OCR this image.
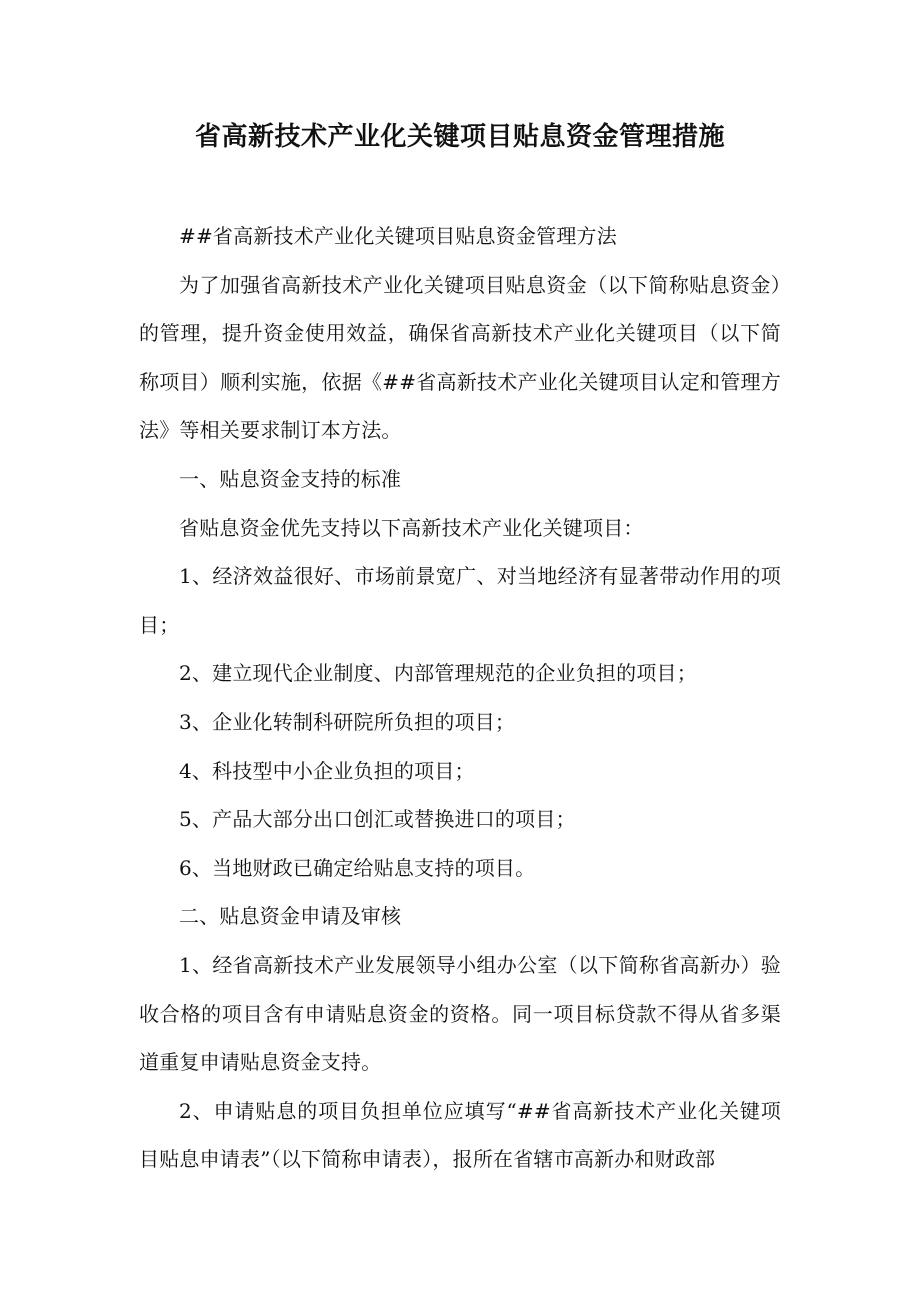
省高新技术产业化关键项目贴息资金管理措施

##省高新技术产业化关键项目贴息资金管理方法

为了加强省高新技术产业化关键项目贴息资金（以下简称贴息资金）的管理，提升资金使用效益，确保省高新技术产业化关键项目（以下简称项目）顺利实施，依据《##省高新技术产业化关键项目认定和管理方法》等相关要求制订本方法。

一、贴息资金支持的标准

省贴息资金优先支持以下高新技术产业化关键项目：

1、经济效益很好、市场前景宽广、对当地经济有显著带动作用的项目；

2、建立现代企业制度、内部管理规范的企业负担的项目；

3、企业化转制科研院所负担的项目；

4、科技型中小企业负担的项目；

5、产品大部分出口创汇或替换进口的项目；

6、当地财政已确定给贴息支持的项目。

二、贴息资金申请及审核

1、经省高新技术产业发展领导小组办公室（以下简称省高新办）验收合格的项目含有申请贴息资金的资格。同一项目标贷款不得从省多渠道重复申请贴息资金支持。

2、申请贴息的项目负担单位应填写“##省高新技术产业化关键项目贴息申请表”（以下简称申请表），报所在省辖市高新办和财政部
